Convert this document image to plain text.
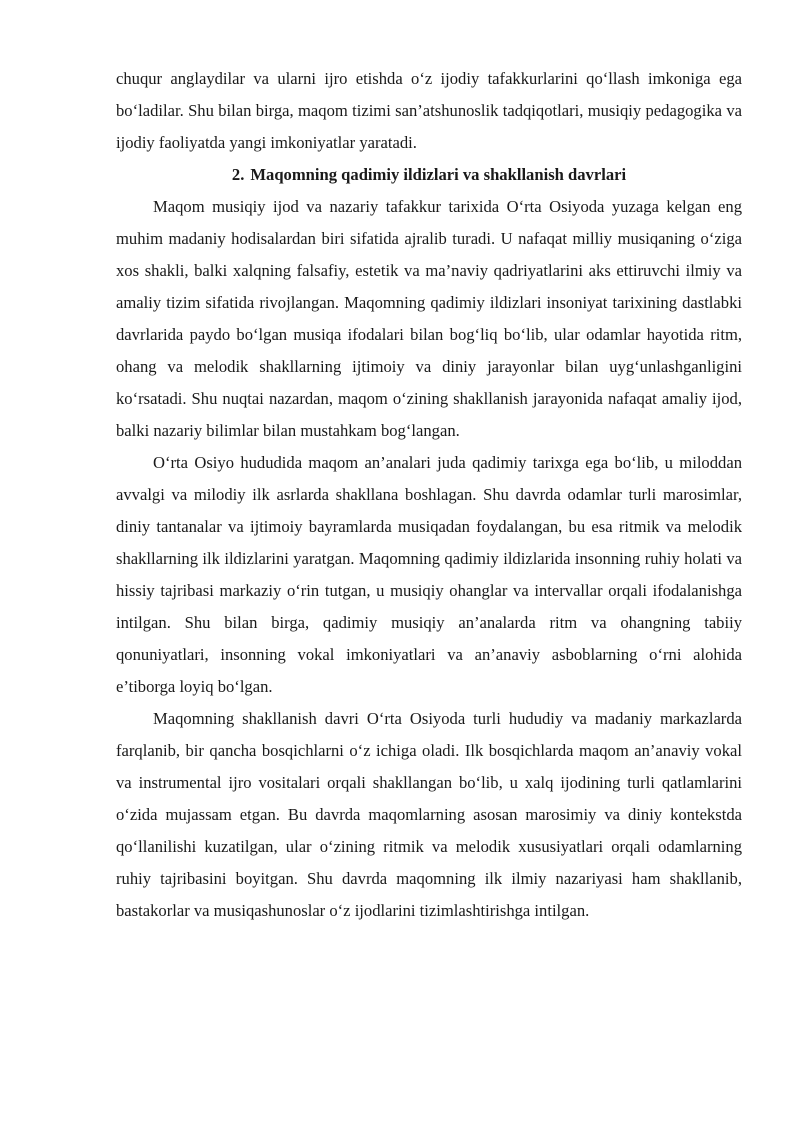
chuqur anglaydilar va ularni ijro etishda o‘z ijodiy tafakkurlarini qo‘llash imkoniga ega bo‘ladilar. Shu bilan birga, maqom tizimi san’atshunoslik tadqiqotlari, musiqiy pedagogika va ijodiy faoliyatda yangi imkoniyatlar yaratadi.

2. Maqomning qadimiy ildizlari va shakllanish davrlari

Maqom musiqiy ijod va nazariy tafakkur tarixida O‘rta Osiyoda yuzaga kelgan eng muhim madaniy hodisalardan biri sifatida ajralib turadi. U nafaqat milliy musiqaning o‘ziga xos shakli, balki xalqning falsafiy, estetik va ma’naviy qadriyatlarini aks ettiruvchi ilmiy va amaliy tizim sifatida rivojlangan. Maqomning qadimiy ildizlari insoniyat tarixining dastlabki davrlarida paydo bo‘lgan musiqa ifodalari bilan bog‘liq bo‘lib, ular odamlar hayotida ritm, ohang va melodik shakllarning ijtimoiy va diniy jarayonlar bilan uyg‘unlashganligini ko‘rsatadi. Shu nuqtai nazardan, maqom o‘zining shakllanish jarayonida nafaqat amaliy ijod, balki nazariy bilimlar bilan mustahkam bog‘langan.

O‘rta Osiyo hududida maqom an’analari juda qadimiy tarixga ega bo‘lib, u miloddan avvalgi va milodiy ilk asrlarda shakllana boshlagan. Shu davrda odamlar turli marosimlar, diniy tantanalar va ijtimoiy bayramlarda musiqadan foydalangan, bu esa ritmik va melodik shakllarning ilk ildizlarini yaratgan. Maqomning qadimiy ildizlarida insonning ruhiy holati va hissiy tajribasi markaziy o‘rin tutgan, u musiqiy ohanglar va intervallar orqali ifodalanishga intilgan. Shu bilan birga, qadimiy musiqiy an’analarda ritm va ohangning tabiiy qonuniyatlari, insonning vokal imkoniyatlari va an’anaviy asboblarning o‘rni alohida e’tiborga loyiq bo‘lgan.

Maqomning shakllanish davri O‘rta Osiyoda turli hududiy va madaniy markazlarda farqlanib, bir qancha bosqichlarni o‘z ichiga oladi. Ilk bosqichlarda maqom an’anaviy vokal va instrumental ijro vositalari orqali shakllangan bo‘lib, u xalq ijodining turli qatlamlarini o‘zida mujassam etgan. Bu davrda maqomlarning asosan marosimiy va diniy kontekstda qo‘llanilishi kuzatilgan, ular o‘zining ritmik va melodik xususiyatlari orqali odamlarning ruhiy tajribasini boyitgan. Shu davrda maqomning ilk ilmiy nazariyasi ham shakllanib, bastakorlar va musiqashunoslar o‘z ijodlarini tizimlashtirishga intilgan.
